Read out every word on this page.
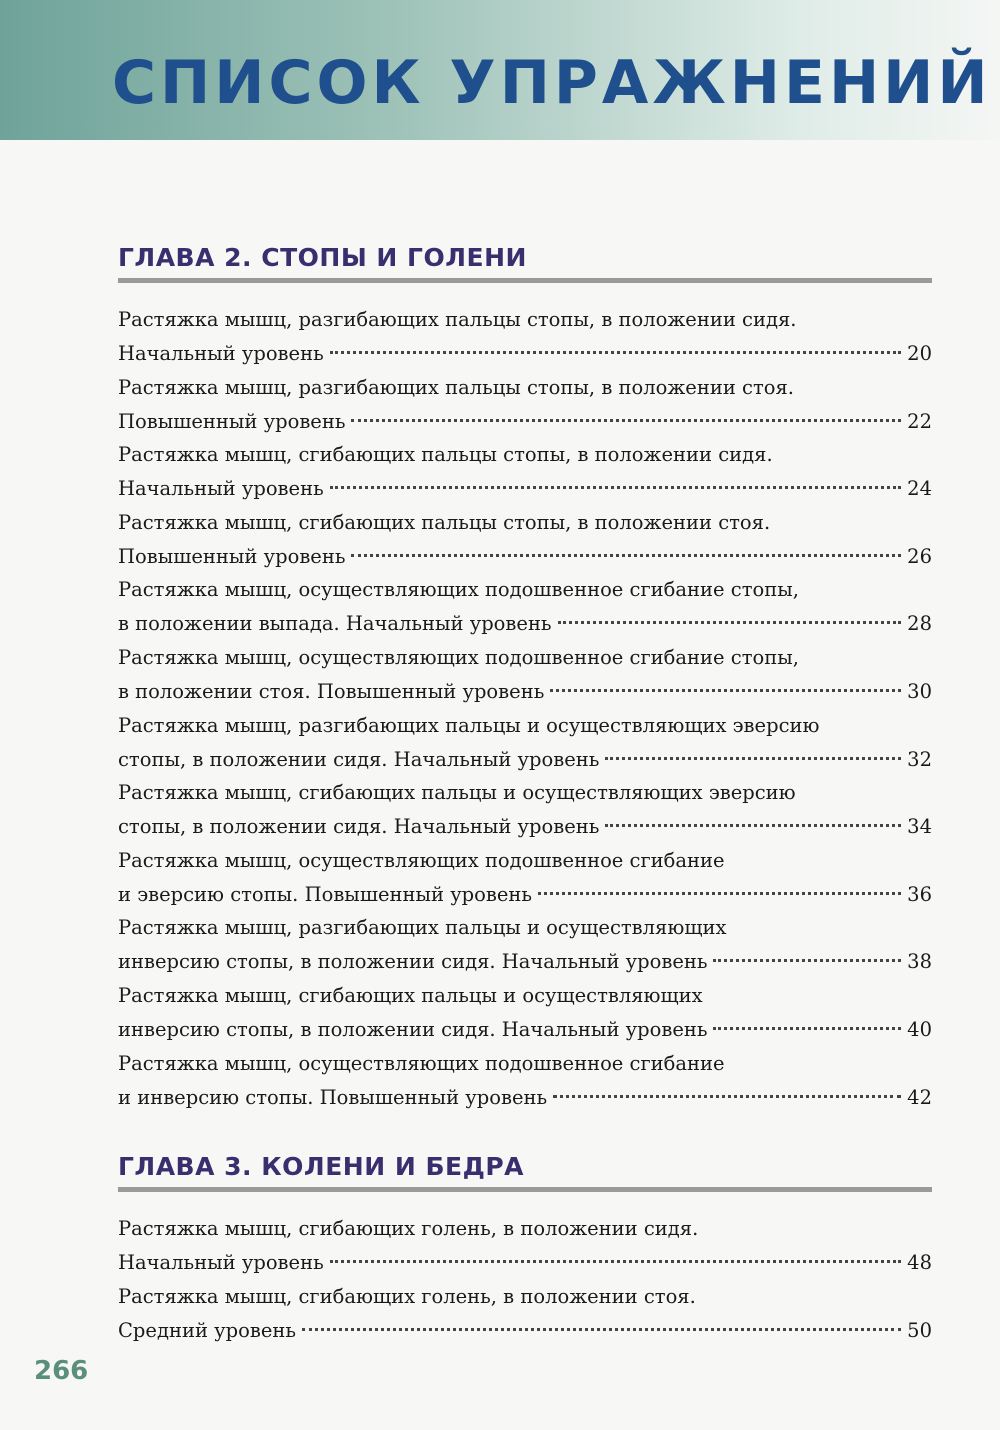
СПИСОК УПРАЖНЕНИЙ
ГЛАВА 2. СТОПЫ И ГОЛЕНИ
Растяжка мышц, разгибающих пальцы стопы, в положении сидя.
Начальный уровень	20
Растяжка мышц, разгибающих пальцы стопы, в положении стоя.
Повышенный уровень	22
Растяжка мышц, сгибающих пальцы стопы, в положении сидя.
Начальный уровень	24
Растяжка мышц, сгибающих пальцы стопы, в положении стоя.
Повышенный уровень	26
Растяжка мышц, осуществляющих подошвенное сгибание стопы,
в положении выпада. Начальный уровень	28
Растяжка мышц, осуществляющих подошвенное сгибание стопы,
в положении стоя. Повышенный уровень	30
Растяжка мышц, разгибающих пальцы и осуществляющих эверсию
стопы, в положении сидя. Начальный уровень	32
Растяжка мышц, сгибающих пальцы и осуществляющих эверсию
стопы, в положении сидя. Начальный уровень	34
Растяжка мышц, осуществляющих подошвенное сгибание
и эверсию стопы. Повышенный уровень	36
Растяжка мышц, разгибающих пальцы и осуществляющих
инверсию стопы, в положении сидя. Начальный уровень	38
Растяжка мышц, сгибающих пальцы и осуществляющих
инверсию стопы, в положении сидя. Начальный уровень	40
Растяжка мышц, осуществляющих подошвенное сгибание
и инверсию стопы. Повышенный уровень	42
ГЛАВА 3. КОЛЕНИ И БЕДРА
Растяжка мышц, сгибающих голень, в положении сидя.
Начальный уровень	48
Растяжка мышц, сгибающих голень, в положении стоя.
Средний уровень	50
266
